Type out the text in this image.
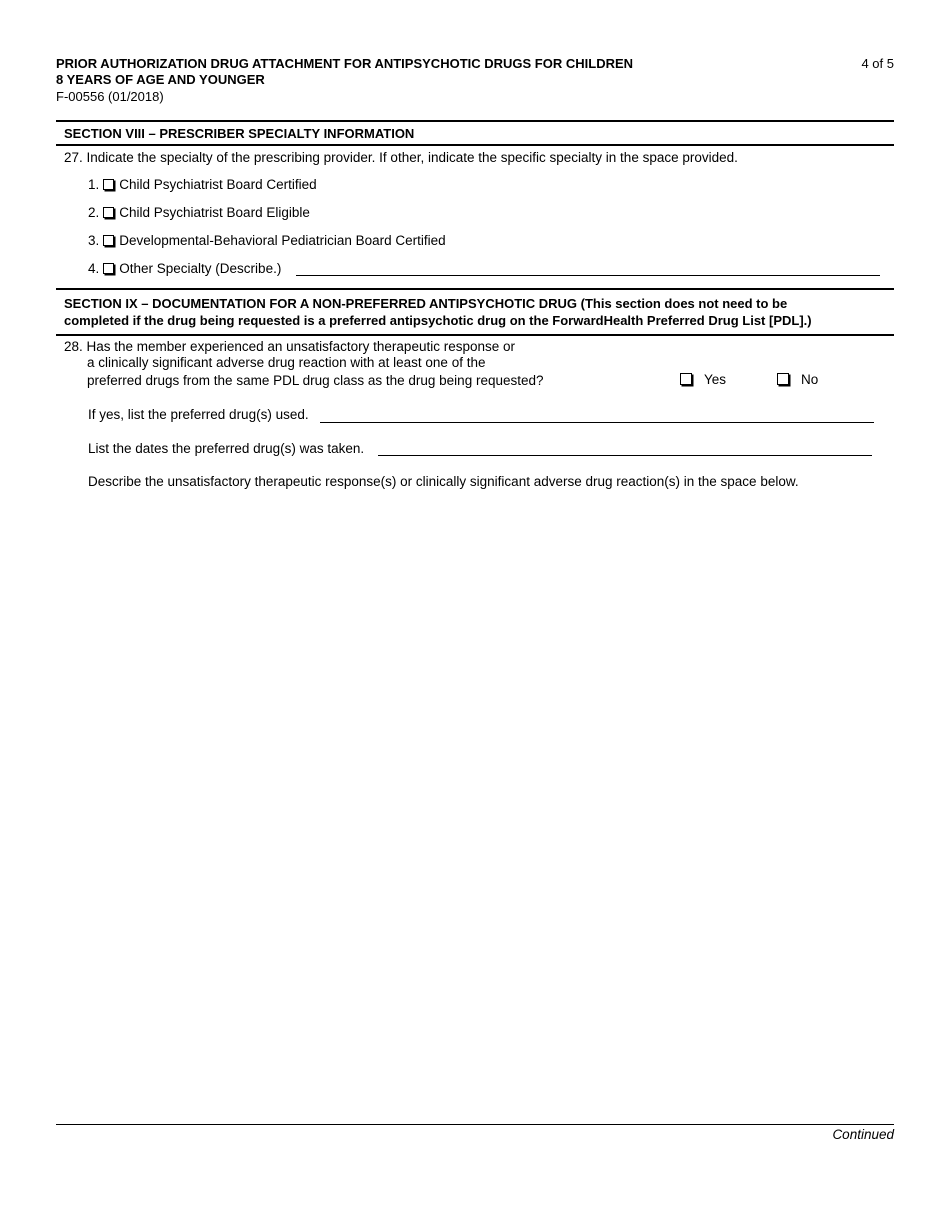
PRIOR AUTHORIZATION DRUG ATTACHMENT FOR ANTIPSYCHOTIC DRUGS FOR CHILDREN
8 YEARS OF AGE AND YOUNGER
F-00556 (01/2018)
4 of 5
SECTION VIII – PRESCRIBER SPECIALTY INFORMATION
27. Indicate the specialty of the prescribing provider. If other, indicate the specific specialty in the space provided.
1. Child Psychiatrist Board Certified
2. Child Psychiatrist Board Eligible
3. Developmental-Behavioral Pediatrician Board Certified
4. Other Specialty (Describe.)
SECTION IX – DOCUMENTATION FOR A NON-PREFERRED ANTIPSYCHOTIC DRUG (This section does not need to be
completed if the drug being requested is a preferred antipsychotic drug on the ForwardHealth Preferred Drug List [PDL].)
28. Has the member experienced an unsatisfactory therapeutic response or
a clinically significant adverse drug reaction with at least one of the
preferred drugs from the same PDL drug class as the drug being requested?	Yes	No
If yes, list the preferred drug(s) used.
List the dates the preferred drug(s) was taken.
Describe the unsatisfactory therapeutic response(s) or clinically significant adverse drug reaction(s) in the space below.
Continued
